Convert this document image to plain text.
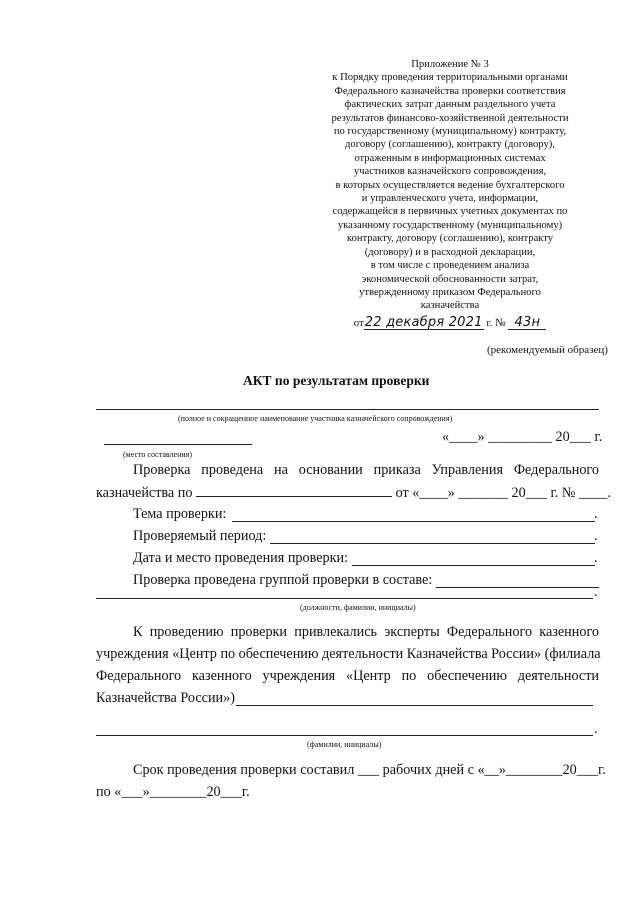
Приложение № 3
к Порядку проведения территориальными органами
Федерального казначейства проверки соответствия
фактических затрат данным раздельного учета
результатов финансово-хозяйственной деятельности
по государственному (муниципальному) контракту,
договору (соглашению), контракту (договору),
отраженным в информационных системах
участников казначейского сопровождения,
в которых осуществляется ведение бухгалтерского
и управленческого учета, информации,
содержащейся в первичных учетных документах по
указанному государственному (муниципальному)
контракту, договору (соглашению), контракту
(договору) и в расходной декларации,
в том числе с проведением анализа
экономической обоснованности затрат,
утвержденному приказом Федерального
казначейства
от22 декабря 2021 г. № 43н
(рекомендуемый образец)
АКТ по результатам проверки
(полное и сокращенное наименование участника казначейского сопровождения)
«____» _________ 20___ г.
(место составления)
Проверка проведена на основании приказа Управления Федерального
казначейства по	от «____» _______ 20___ г. № ____.
Тема проверки:	.
Проверяемый период:	.
Дата и место проведения проверки:	.
Проверка проведена группой проверки в составе:
.
(должности, фамилии, инициалы)
К проведению проверки привлекались эксперты Федерального казенного
учреждения «Центр по обеспечению деятельности Казначейства России» (филиала
Федерального казенного учреждения «Центр по обеспечению деятельности
Казначейства России»)
.
(фамилии, инициалы)
Срок проведения проверки составил ___ рабочих дней с «__»________20___г.
по «___»________20___г.
